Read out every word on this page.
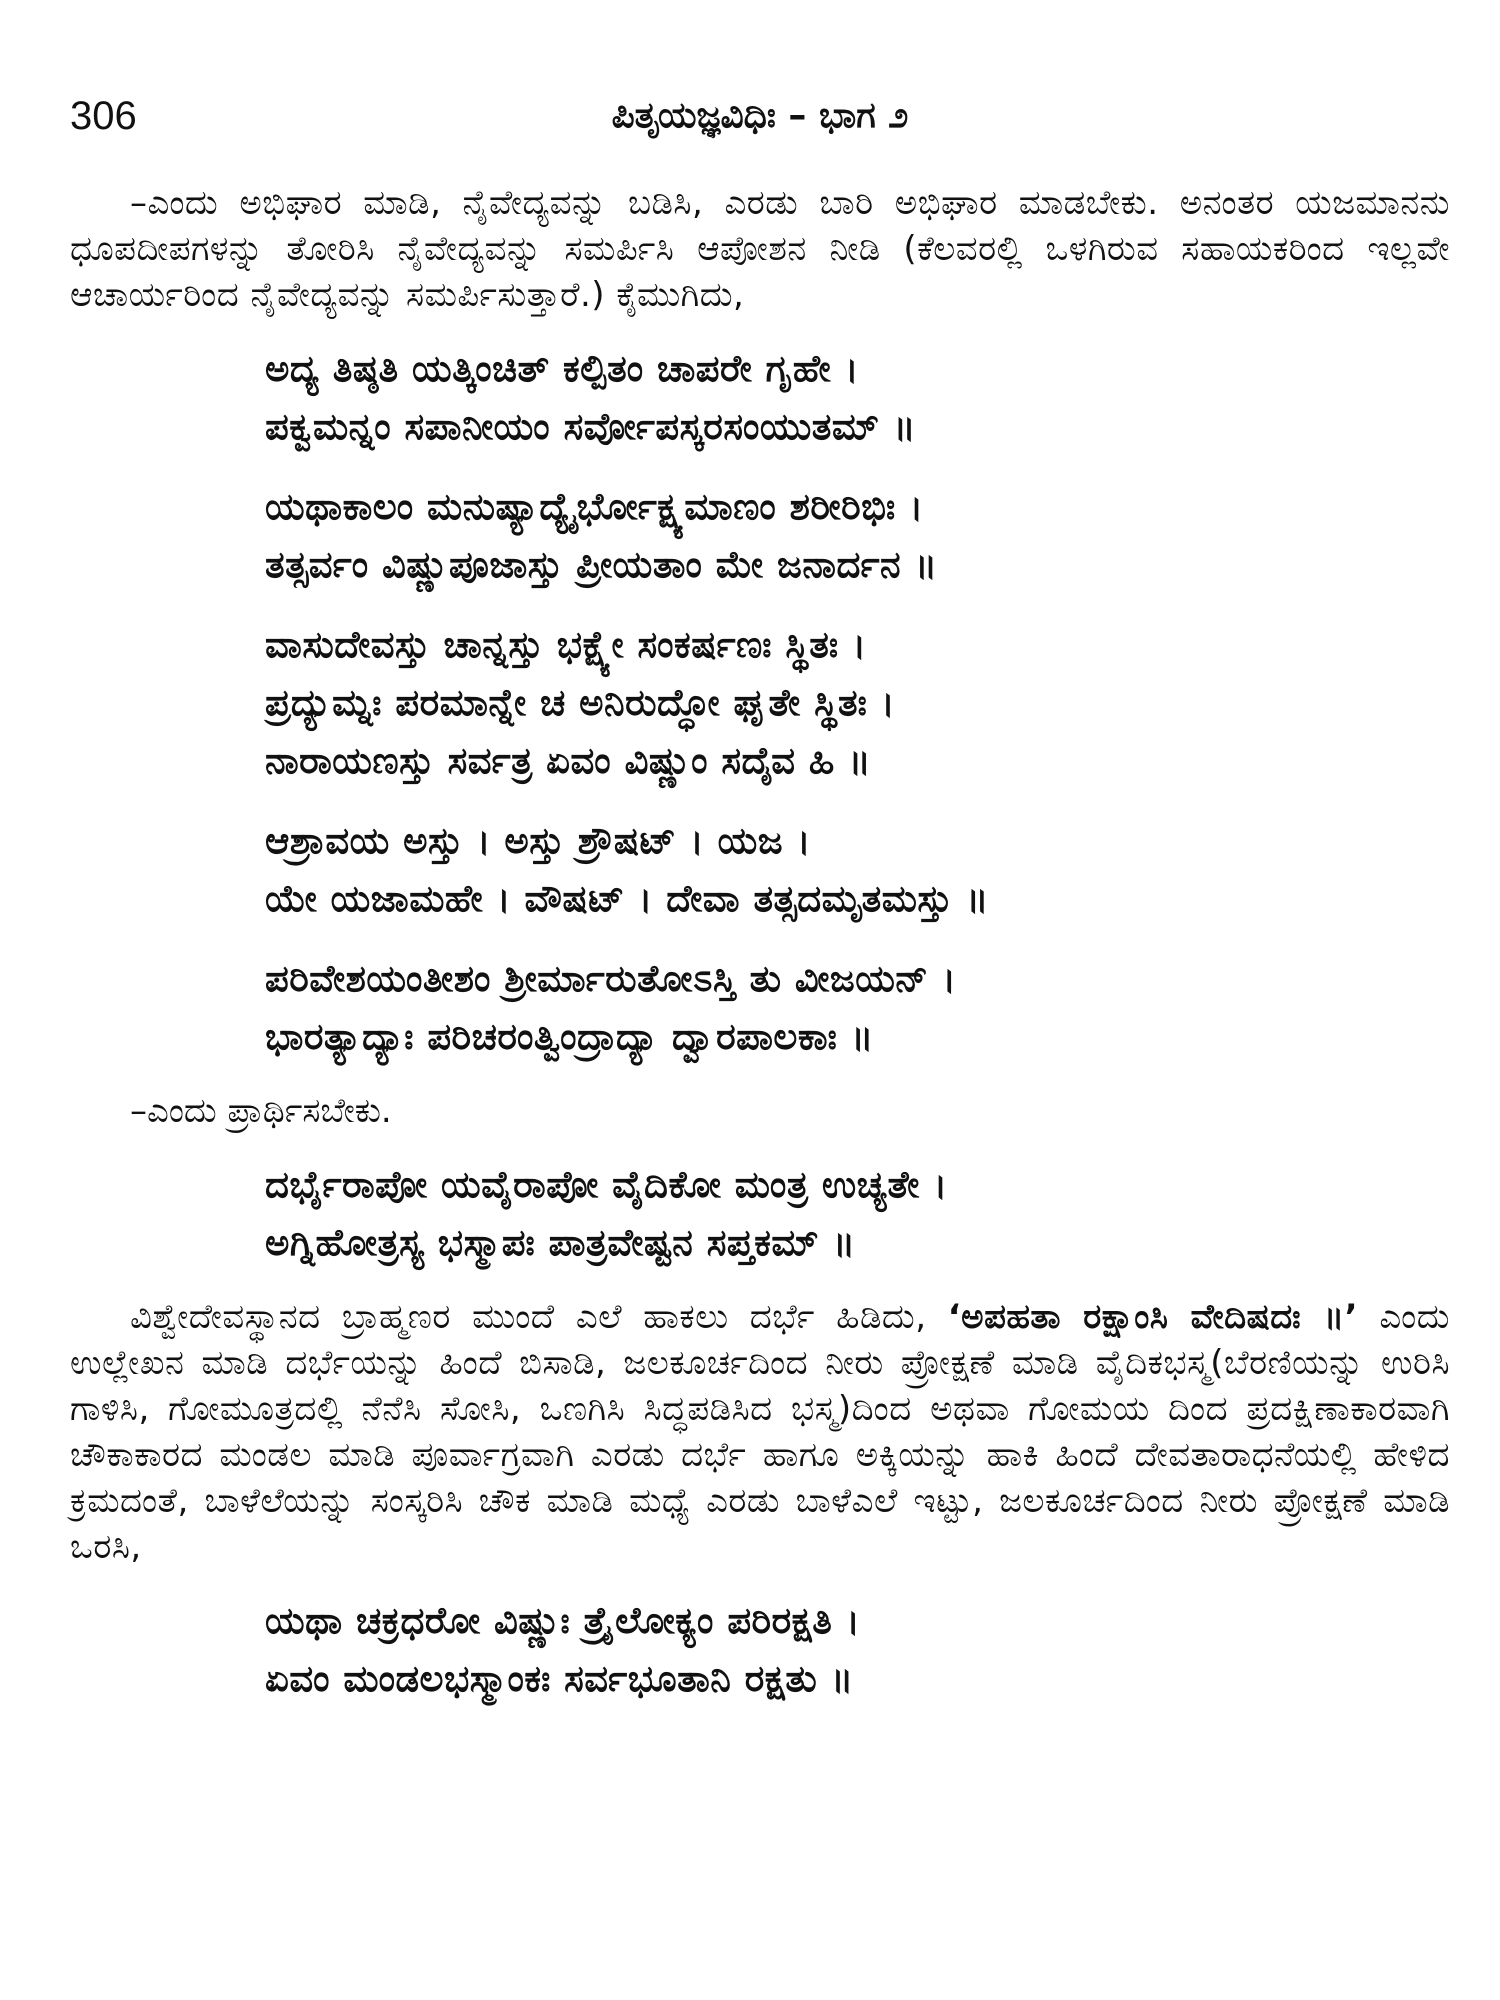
306	ಪಿತೃಯಜ್ಞವಿಧಿಃ – ಭಾಗ ೨

–ಎಂದು ಅಭಿಘಾರ ಮಾಡಿ, ನೈವೇದ್ಯವನ್ನು ಬಡಿಸಿ, ಎರಡು ಬಾರಿ ಅಭಿಘಾರ ಮಾಡಬೇಕು. ಅನಂತರ ಯಜಮಾನನು ಧೂಪದೀಪಗಳನ್ನು ತೋರಿಸಿ ನೈವೇದ್ಯವನ್ನು ಸಮರ್ಪಿಸಿ ಆಪೋಶನ ನೀಡಿ (ಕೆಲವರಲ್ಲಿ ಒಳಗಿರುವ ಸಹಾಯಕರಿಂದ ಇಲ್ಲವೇ ಆಚಾರ್ಯರಿಂದ ನೈವೇದ್ಯವನ್ನು ಸಮರ್ಪಿಸುತ್ತಾರೆ.) ಕೈಮುಗಿದು,

ಅದ್ಯ ತಿಷ್ಠತಿ ಯತ್ಕಿಂಚಿತ್ ಕಲ್ಪಿತಂ ಚಾಪರೇ ಗೃಹೇ ।
ಪಕ್ವಮನ್ನಂ ಸಪಾನೀಯಂ ಸರ್ವೋಪಸ್ಕರಸಂಯುತಮ್ ॥
ಯಥಾಕಾಲಂ ಮನುಷ್ಯಾದ್ಯೈರ್ಭೋಕ್ಷ್ಯಮಾಣಂ ಶರೀರಿಭಿಃ ।
ತತ್ಸರ್ವಂ ವಿಷ್ಣುಪೂಜಾಸ್ತು ಪ್ರೀಯತಾಂ ಮೇ ಜನಾರ್ದನ ॥
ವಾಸುದೇವಸ್ತು ಚಾನ್ನಸ್ತು ಭಕ್ಷ್ಯೇ ಸಂಕರ್ಷಣಃ ಸ್ಥಿತಃ ।
ಪ್ರದ್ಯುಮ್ನಃ ಪರಮಾನ್ನೇ ಚ ಅನಿರುದ್ಧೋ ಘೃತೇ ಸ್ಥಿತಃ ।
ನಾರಾಯಣಸ್ತು ಸರ್ವತ್ರ ಏವಂ ವಿಷ್ಣುಂ ಸದೈವ ಹಿ ॥
ಆಶ್ರಾವಯ ಅಸ್ತು । ಅಸ್ತು ಶ್ರೌಷಟ್ । ಯಜ ।
ಯೇ ಯಜಾಮಹೇ । ವೌಷಟ್ । ದೇವಾ ತತ್ಸದಮೃತಮಸ್ತು ॥
ಪರಿವೇಶಯಂತೀಶಂ ಶ್ರೀರ್ಮಾರುತೋಽಸ್ತಿ ತು ವೀಜಯನ್ ।
ಭಾರತ್ಯಾದ್ಯಾಃ ಪರಿಚರಂತ್ವಿಂದ್ರಾದ್ಯಾ ದ್ವಾರಪಾಲಕಾಃ ॥
–ಎಂದು ಪ್ರಾರ್ಥಿಸಬೇಕು.
ದರ್ಭೈರಾಪೋ ಯವೈರಾಪೋ ವೈದಿಕೋ ಮಂತ್ರ ಉಚ್ಯತೇ ।
ಅಗ್ನಿಹೋತ್ರಸ್ಯ ಭಸ್ಮಾಪಃ ಪಾತ್ರವೇಷ್ಟನ ಸಪ್ತಕಮ್ ॥

ವಿಶ್ವೇದೇವಸ್ಥಾನದ ಬ್ರಾಹ್ಮಣರ ಮುಂದೆ ಎಲೆ ಹಾಕಲು ದರ್ಭೆ ಹಿಡಿದು, ‘ಅಪಹತಾ ರಕ್ಷಾಂಸಿ ವೇದಿಷದಃ ॥’ ಎಂದು ಉಲ್ಲೇಖನ ಮಾಡಿ ದರ್ಭೆಯನ್ನು ಹಿಂದೆ ಬಿಸಾಡಿ, ಜಲಕೂರ್ಚದಿಂದ ನೀರು ಪ್ರೋಕ್ಷಣೆ ಮಾಡಿ ವೈದಿಕಭಸ್ಮ(ಬೆರಣಿಯನ್ನು ಉರಿಸಿ ಗಾಳಿಸಿ, ಗೋಮೂತ್ರದಲ್ಲಿ ನೆನೆಸಿ ಸೋಸಿ, ಒಣಗಿಸಿ ಸಿದ್ಧಪಡಿಸಿದ ಭಸ್ಮ)ದಿಂದ ಅಥವಾ ಗೋಮಯ ದಿಂದ ಪ್ರದಕ್ಷಿಣಾಕಾರವಾಗಿ ಚೌಕಾಕಾರದ ಮಂಡಲ ಮಾಡಿ ಪೂರ್ವಾಗ್ರವಾಗಿ ಎರಡು ದರ್ಭೆ ಹಾಗೂ ಅಕ್ಕಿಯನ್ನು ಹಾಕಿ ಹಿಂದೆ ದೇವತಾರಾಧನೆಯಲ್ಲಿ ಹೇಳಿದ ಕ್ರಮದಂತೆ, ಬಾಳೆಲೆಯನ್ನು ಸಂಸ್ಕರಿಸಿ ಚೌಕ ಮಾಡಿ ಮಧ್ಯೆ ಎರಡು ಬಾಳೆಎಲೆ ಇಟ್ಟು, ಜಲಕೂರ್ಚದಿಂದ ನೀರು ಪ್ರೋಕ್ಷಣೆ ಮಾಡಿ ಒರಸಿ,

ಯಥಾ ಚಕ್ರಧರೋ ವಿಷ್ಣುಃ ತ್ರೈಲೋಕ್ಯಂ ಪರಿರಕ್ಷತಿ ।
ಏವಂ ಮಂಡಲಭಸ್ಮಾಂಕಃ ಸರ್ವಭೂತಾನಿ ರಕ್ಷತು ॥
